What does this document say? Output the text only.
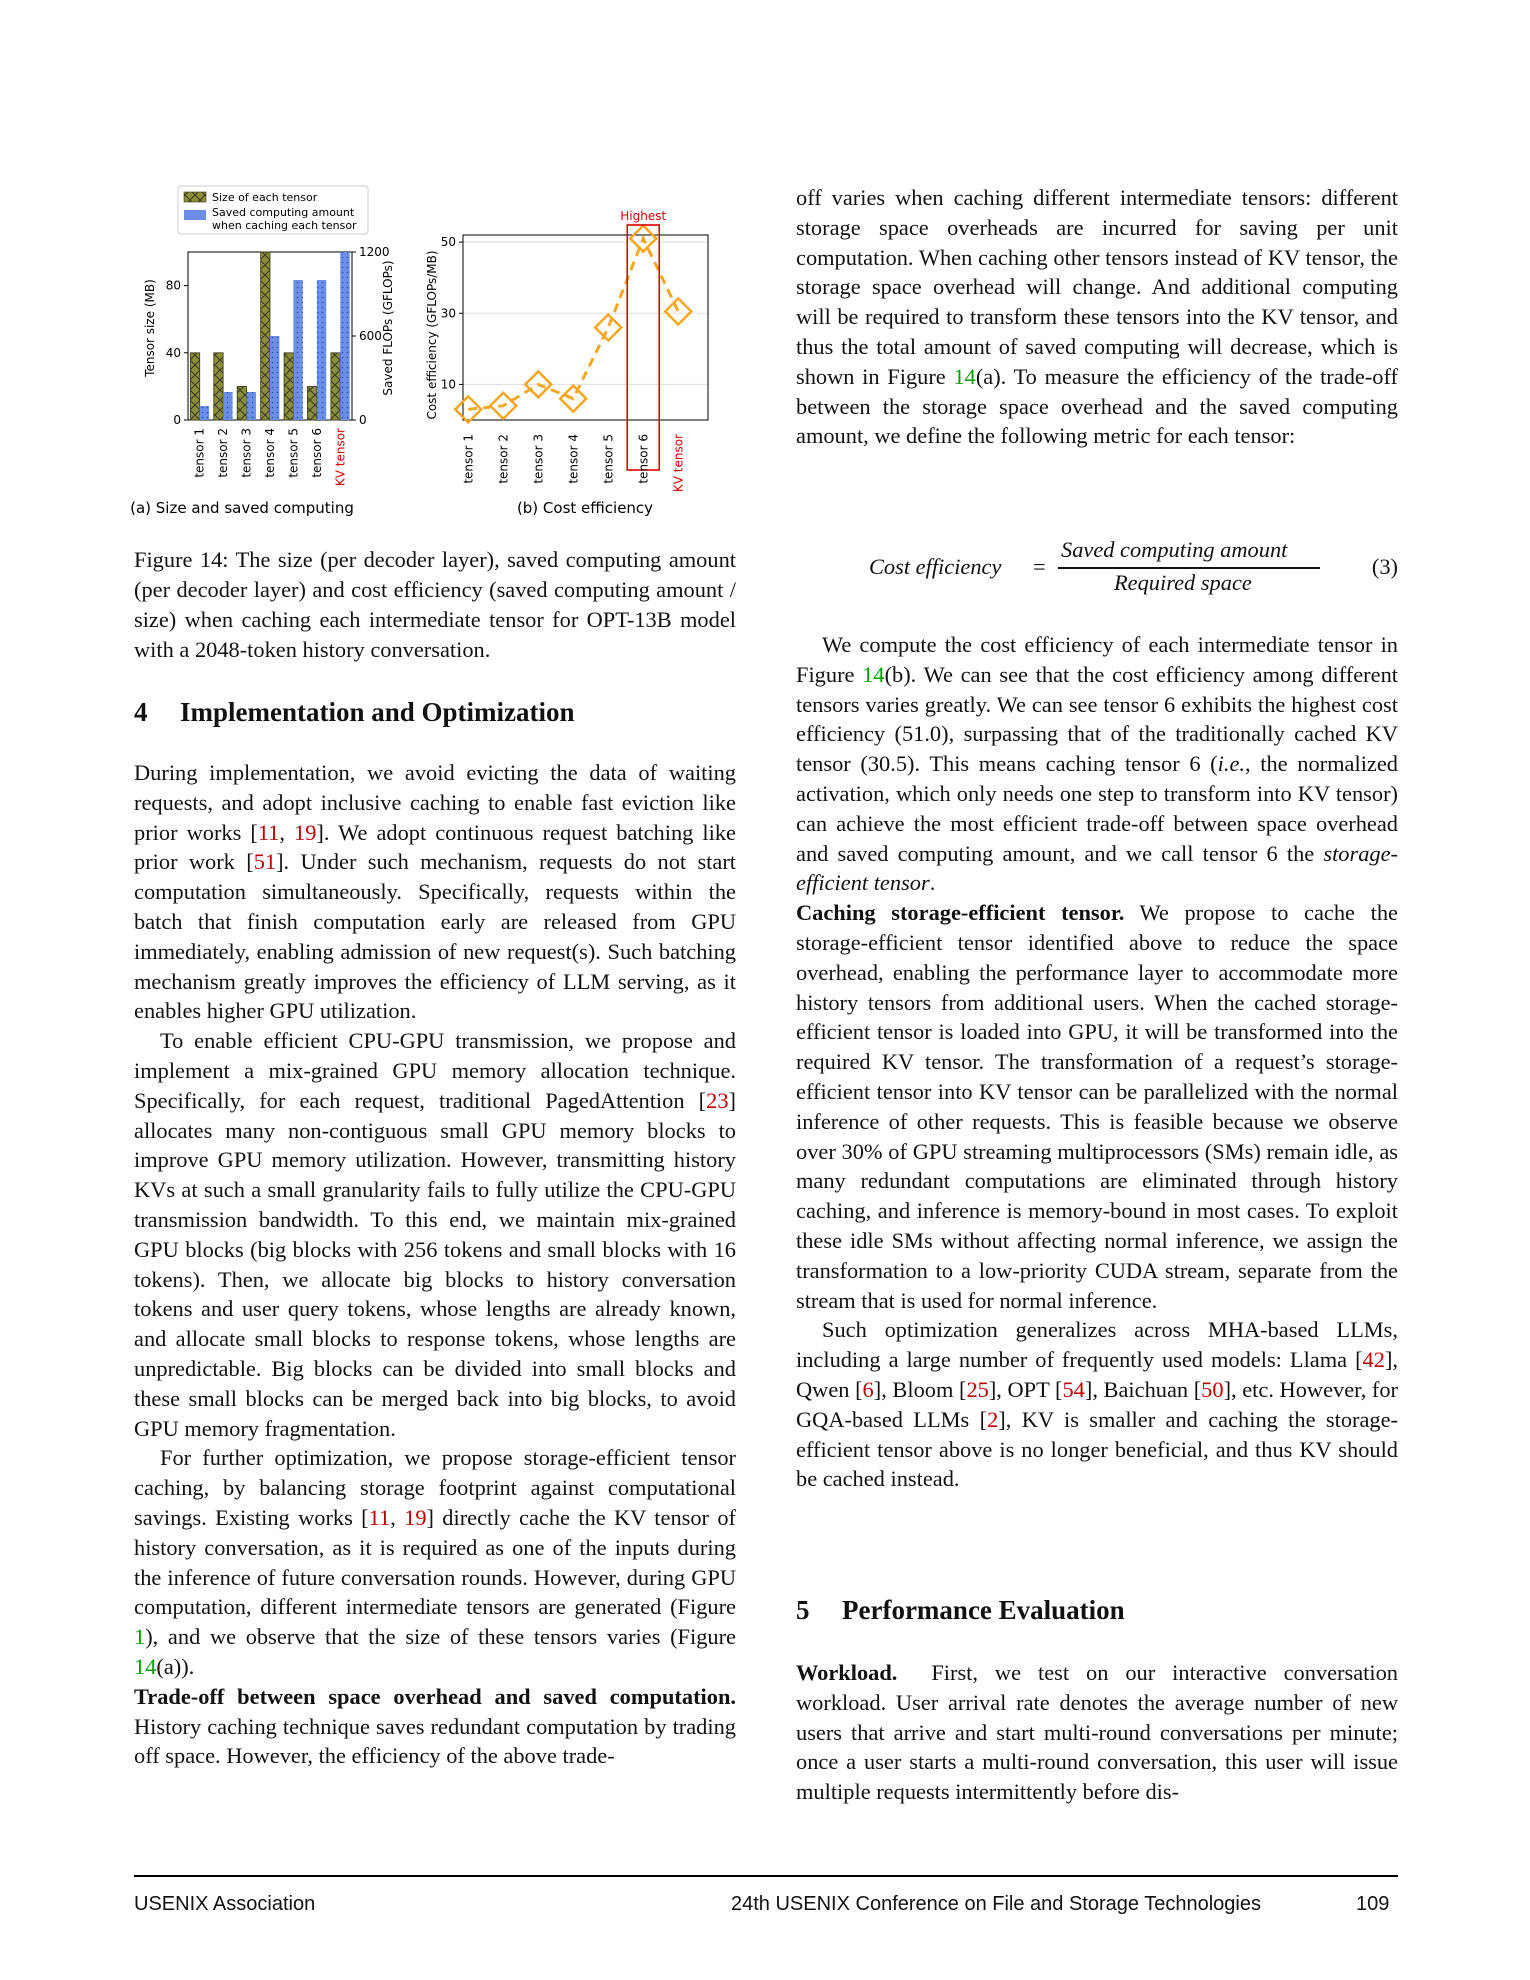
Size of each tensor
Saved computing amount
when caching each tensor
0
40
80
0
600
1200
tensor 1 tensor 2 tensor 3 tensor 4 tensor 5 tensor 6 KV tensor
Tensor size (MB)	Saved FLOPs (GFLOPs)
(a) Size and saved computing
Highest
10
30
50
tensor 1 tensor 2 tensor 3 tensor 4 tensor 5 tensor 6 KV tensor
Cost efficiency (GFLOPs/MB)
(b) Cost efficiency
Figure 14: The size (per decoder layer), saved computing amount (per decoder layer) and cost efficiency (saved computing amount / size) when caching each intermediate tensor for OPT-13B model with a 2048-token history conversation.
4 Implementation and Optimization

During implementation, we avoid evicting the data of waiting requests, and adopt inclusive caching to enable fast eviction like prior works [11, 19]. We adopt continuous request batching like prior work [51]. Under such mechanism, requests do not start computation simultaneously. Specifically, requests within the batch that finish computation early are released from GPU immediately, enabling admission of new request(s). Such batching mechanism greatly improves the efficiency of LLM serving, as it enables higher GPU utilization.

To enable efficient CPU-GPU transmission, we propose and implement a mix-grained GPU memory allocation technique. Specifically, for each request, traditional PagedAttention [23] allocates many non-contiguous small GPU memory blocks to improve GPU memory utilization. However, transmitting history KVs at such a small granularity fails to fully utilize the CPU-GPU transmission bandwidth. To this end, we maintain mix-grained GPU blocks (big blocks with 256 tokens and small blocks with 16 tokens). Then, we allocate big blocks to history conversation tokens and user query tokens, whose lengths are already known, and allocate small blocks to response tokens, whose lengths are unpredictable. Big blocks can be divided into small blocks and these small blocks can be merged back into big blocks, to avoid GPU memory fragmentation.

For further optimization, we propose storage-efficient tensor caching, by balancing storage footprint against computational savings. Existing works [11, 19] directly cache the KV tensor of history conversation, as it is required as one of the inputs during the inference of future conversation rounds. However, during GPU computation, different intermediate tensors are generated (Figure 1), and we observe that the size of these tensors varies (Figure 14(a)).

Trade-off between space overhead and saved computation. History caching technique saves redundant computation by trading off space. However, the efficiency of the above trade-

off varies when caching different intermediate tensors: different storage space overheads are incurred for saving per unit computation. When caching other tensors instead of KV tensor, the storage space overhead will change. And additional computing will be required to transform these tensors into the KV tensor, and thus the total amount of saved computing will decrease, which is shown in Figure 14(a). To measure the efficiency of the trade-off between the storage space overhead and the saved computing amount, we define the following metric for each tensor:

Cost efficiency =
Saved computing amount
Required space
(3)

We compute the cost efficiency of each intermediate tensor in Figure 14(b). We can see that the cost efficiency among different tensors varies greatly. We can see tensor 6 exhibits the highest cost efficiency (51.0), surpassing that of the traditionally cached KV tensor (30.5). This means caching tensor 6 (i.e., the normalized activation, which only needs one step to transform into KV tensor) can achieve the most efficient trade-off between space overhead and saved computing amount, and we call tensor 6 the storage-efficient tensor.

Caching storage-efficient tensor. We propose to cache the storage-efficient tensor identified above to reduce the space overhead, enabling the performance layer to accommodate more history tensors from additional users. When the cached storage-efficient tensor is loaded into GPU, it will be transformed into the required KV tensor. The transformation of a request’s storage-efficient tensor into KV tensor can be parallelized with the normal inference of other requests. This is feasible because we observe over 30% of GPU streaming multiprocessors (SMs) remain idle, as many redundant computations are eliminated through history caching, and inference is memory-bound in most cases. To exploit these idle SMs without affecting normal inference, we assign the transformation to a low-priority CUDA stream, separate from the stream that is used for normal inference.

Such optimization generalizes across MHA-based LLMs, including a large number of frequently used models: Llama [42], Qwen [6], Bloom [25], OPT [54], Baichuan [50], etc. However, for GQA-based LLMs [2], KV is smaller and caching the storage-efficient tensor above is no longer beneficial, and thus KV should be cached instead.

5 Performance Evaluation

Workload. First, we test on our interactive conversation workload. User arrival rate denotes the average number of new users that arrive and start multi-round conversations per minute; once a user starts a multi-round conversation, this user will issue multiple requests intermittently before dis-

USENIX Association	24th USENIX Conference on File and Storage Technologies	109
